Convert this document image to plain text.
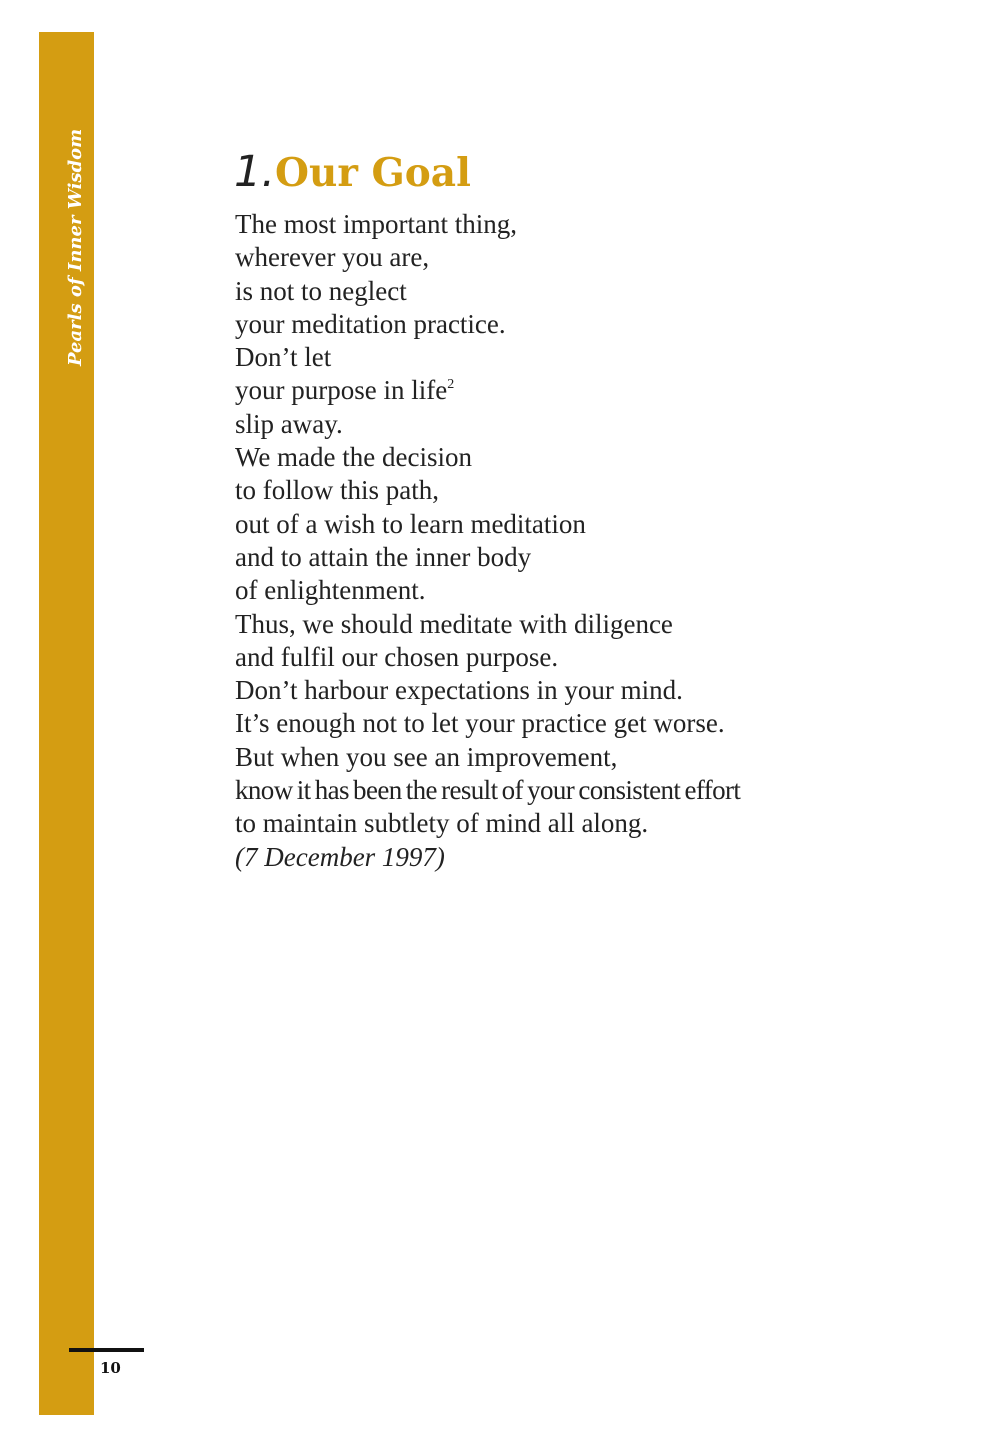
Pearls of Inner Wisdom	1.Our Goal
The most important thing,
wherever you are,
is not to neglect
your meditation practice.
Don’t let
your purpose in life$^2$
slip away.
We made the decision
to follow this path,
out of a wish to learn meditation
and to attain the inner body
of enlightenment.
Thus, we should meditate with diligence
and fulfil our chosen purpose.
Don’t harbour expectations in your mind.
It’s enough not to let your practice get worse.
But when you see an improvement,
know it has been the result of your consistent effort
to maintain subtlety of mind all along.
(7 December 1997)
10
